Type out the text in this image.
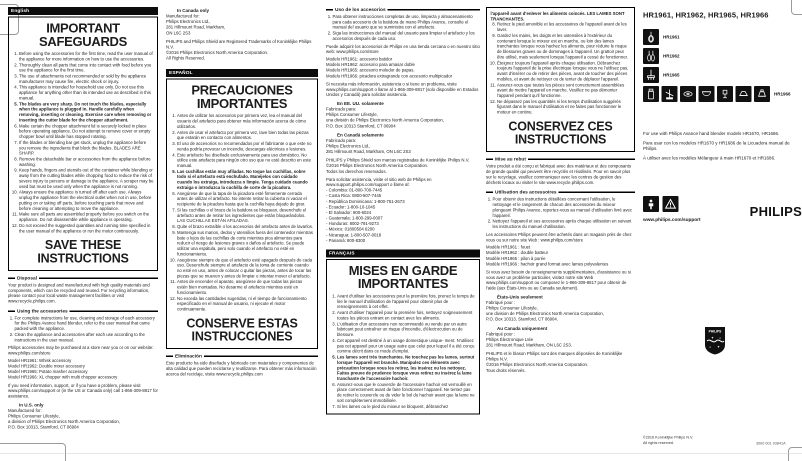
English
IMPORTANT SAFEGUARDS
1. Before using the accessories for the first time, read the user manual of the appliance for more information on how to use the accessories.
2. Thoroughly clean all parts that come into contact with food before you use the appliance for the first time.
3. The use of attachments not recommended or sold by the appliance manufacturer may cause fire, electric shock or injury.
4. This appliance is intended for household use only. Do not use this appliance for anything other than its intended use as described in this manual.
5. The blades are very sharp. Do not touch the blades, especially when the appliance is plugged in. Handle carefully when removing, inserting or cleaning. Exercise care when removing or inserting the cutter blade for the chopper attachment.
6. Make certain the chopper attachment lid is securely locked in place before operating appliance. Do not attempt to remove cover or empty chopper bowl until blade has stopped rotating.
7. If the blades or blending bar get stuck, unplug the appliance before you remove the ingredients that block the blades. BLADES ARE SHARP.
8. Remove the detachable bar or accessories from the appliance before washing.
9. Keep hands, fingers and utensils out of the container while blending or away from the cutting blades while chopping food to reduce the risk of severe injury to persons or damage to the appliance. A scraper may be used but must be used only when the appliance is not running.
10. Always ensure the appliance is turned off after each use. Always unplug the appliance from the electrical outlet when not in use, before putting on or taking off parts, before touching parts that move and before cleaning or attempting to move the appliance.
11. Make sure all parts are assembled properly before you switch on the appliance. Do not disassemble while appliance is operating.
12. Do not exceed the suggested quantities and running time specified in the user manual of the appliance or run the motor continuously.
SAVE THESE INSTRUCTIONS
Disposal
Your product is designed and manufactured with high quality materials and components, which can be recycled and reused. For recycling information, please contact your local waste management facilities or visit www.recycle.philips.com.
Using the accessories
1. For complete instructions for use, cleaning and storage of each accessory for the Philips Avance hand blender, refer to the user manual that came packed with the appliance.
2. Clean the appliance and accessories after each use according to the instructions in the user manual.
Philips accessories may be purchased at a store near you or on our website: www.philips.com/store
Model HR1961: Whisk accessory
Model HR1962: Double mixer accessory
Model HR1965: Potato masher accessory
Model HR1966: XL chopper with multi chopper accessory
If you need information, support, or if you have a problem, please visit www.philips.com/support or (in the US or Canada only) call 1-866-309-8817 for assistance.
In U.S. only
Manufactured for:
Philips Consumer Lifestyle,
a division of Philips Electronics North America Corporation,
P.O. Box 10313, Stamford, CT 06904
In Canada only
Manufactured for:
Philips Electronics Ltd.,
281 Hillmount Road, Markham,
ON L6C 2S3
PHILIPS and Philips Shield are Registered Trademarks of Koninklijke Philips N.V.
©2016 Philips Electronics North America Corporation.
All Rights Reserved.
ESPAÑOL
PRECAUCIONES IMPORTANTES
1. Antes de utilizar los accesorios por primera vez, lea el manual del usuario del artefacto para obtener más información acerca de cómo utilizarlos.
2. Antes de usar el artefacto por primera vez, lave bien todas las piezas que estarán en contacto con alimentos.
3. El uso de accesorios no recomendados por el fabricante o que este no venda podría provocar un incendio, descargas eléctricas o lesiones.
4. Este artefacto fue diseñado exclusivamente para uso doméstico. No utilice este artefacto para ningún otro uso que no esté descrito en este manual.
5. Las cuchillas están muy afiladas. No toque las cuchillas, sobre todo si el artefacto está enchufado. Manéjelos con cuidado cuando los extraiga, introduzca o limpie. Tenga cuidado cuando extraiga o introduzca la cuchilla de corte de la picadora.
6. Asegúrese de que la tapa de la picadora esté firmemente cerrada antes de utilizar el artefacto. No intente retirar la cubierta ni vaciar el recipiente de la picadora hasta que la cuchilla haya dejado de girar.
7. Si las cuchillas o el brazo de la batidora se bloquean, desenchufe el artefacto antes de retirar los ingredientes que están bloqueándolos. LAS CUCHILLAS ESTÁN AFILADAS.
8. Quite el brazo extraíble o los accesorios del artefacto antes de lavarlos.
9. Mantenga sus manos, dedos y utensilios fuera del contenedor mientras bate o lejos de las cuchillas de corte mientras pica alimentos para reducir el riesgo de lesiones graves o daños al artefacto. Se puede utilizar una espátula, pero solo cuando el artefacto no esté en funcionamiento.
10. Asegúrese siempre de que el artefacto esté apagado después de cada uso. Desenchufe siempre el artefacto de la toma de corriente cuando no esté en uso, antes de colocar o quitar las piezas, antes de tocar las piezas que se mueven y antes de limpiar o intentar mover el artefacto.
11. Antes de encender el aparato, asegúrese de que todas las piezas estén bien montadas. No desarme el artefacto mientras esté en funcionamiento.
12. No exceda las cantidades sugeridas, ni el tiempo de funcionamiento especificado en el manual de usuario, ni ejecute el motor continuamente.
CONSERVE ESTAS INSTRUCCIONES
Eliminación
Este producto ha sido diseñado y fabricado con materiales y componentes de alta calidad que pueden reciclarse y reutilizarse. Para obtener más información acerca del reciclaje, visite www.recycle.philips.com
Uso de los accesorios
1. Para obtener instrucciones completas de uso, limpieza y almacenamiento para cada accesorio de la batidora de mano Philips Avance, consulte el manual del usuario que se suministra con el artefacto.
2. Siga las instrucciones del manual del usuario para limpiar el artefacto y los accesorios después de cada uso.
Puede adquirir los accesorios de Philips en una tienda cercana o en nuestro sitio web: www.philips.com/store
Modelo HR1961: accesorio batidor
Modelo HR1962: accesorio para amasar doble
Modelo HR1965: accesorio moledor de papas.
Modelo HR1966: picadora extragrande con accesorio multipicador
Si necesita más información, asistencia o si tiene un problema, visite www.philips.com/support o llame al 1-866-309-8817 (solo disponible en Estados Unidos y Canadá) para solicitar asistencia.
En EE. UU. solamente
Fabricado para:
Philips Consumer Lifestyle,
una división de Philips Electronics North America Corporation,
P.O. Box 10313 Stamford, CT 06904
En Canadá solamente
Fabricado para:
Philips Electronics Ltd.,
281 Hillmount Road, Markham, ON L6C 2S3
PHILIPS y Philips Shield son marcas registradas de Koninklijke Philips N.V.
©2016 Philips Electronics North America Corporation.
Todos los derechos reservados.
Para solicitar asistencia, visite el sitio web de Philips en www.support.philips.com/support o llame al:
- Colombia: 01-800-700-7445
- Costa Rica: 0800-507-7445
- República Dominicana: 1-800-751-2673
- Ecuador: 1-800-10-1045
- El Salvador: 800-6024
- Guatemala: 1-800-299-0007
- Honduras: 8002-791-9273
- México: 01800504 6200
- Nicaragua: 1-800-507-0018
- Panamá: 800-8300
FRANÇAIS
MISES EN GARDE IMPORTANTES
1. Avant d'utiliser les accessoires pour la première fois, prenez le temps de lire le manuel d'utilisation de l'appareil pour obtenir plus de renseignements à cet effet.
2. Avant d'utiliser l'appareil pour la première fois, nettoyez soigneusement toutes les pièces entrant en contact avec les aliments.
3. L'utilisation d'un accessoire non recommandé ou vendu par un autre fabricant peut entraîner un risque d'incendie, d'électrocution ou de blessure.
4. Cet appareil est destiné à un usage domestique unique- ment. N'utilisez pas cet appareil pour un usage autre que celui pour lequel il a été conçu comme décrit dans ce mode d'emploi.
5. Les lames sont très tranchantes. Ne touchez pas les lames, surtout lorsque l'appareil est branché. Manipulez ces éléments avec précaution lorsque vous les retirez, les insérez ou les nettoyez. Faites preuve de prudence lorsque vous retirez ou insérez la lame tranchante de l'accessoire hachoir.
6. Assurez-vous que le couvercle de l'accessoire hachoir est verrouillé en place correctement avant de faire fonctionner l'appareil. Ne tentez pas de retirer le couvercle ou de vider le bol du hachoir avant que la lame ne soit complètement immobilisée.
7. Si les lames ou le pied du mixeur se bloquent, débranchez
l'appareil avant d'enlever les aliments coincés. LES LAMES SONT TRANCHANTES.
8. Retirez le pied amovible et les accessoires de l'appareil avant de les laver.
9. Gardez les mains, les doigts et les ustensiles à l'extérieur du contenant lorsque le mixeur est en marche, ou loin des lames tranchantes lorsque vous hachez les aliments, pour réduire le risque de blessures graves ou de dommages à l'appareil. Un grattoir peut être utilisé, mais seulement lorsque l'appareil a cessé de fonctionner.
10. Éteignez toujours l'appareil après chaque utilisation. Débranchez toujours l'appareil de la prise électrique lorsque vous ne l'utilisez pas, avant d'insérer ou de retirer des pièces, avant de toucher des pièces mobiles, et avant de nettoyer ou de tenter de déplacer l'appareil.
11. Assurez-vous que toutes les pièces sont correctement assemblées avant de mettre l'appareil en marche. Veuillez ne pas démonter l'appareil pendant qu'il fonctionne.
12. Ne dépassez pas les quantités ni les temps d'utilisation suggérés figurant dans le manuel d'utilisation et ne faites pas fonctionner le moteur en continu.
CONSERVEZ CES INSTRUCTIONS
Mise au rebut
Votre produit a été conçu et fabriqué avec des matériaux et des composants de grande qualité qui peuvent être recyclés et réutilisés. Pour en savoir plus sur le recyclage, veuillez communiquer avec les centres de gestion des déchets locaux ou visiter le site www.recycle.philips.com.
Utilisation des accessoires
1. Pour obtenir des instructions détaillées concernant l'utilisation, le nettoyage et le rangement de chacun des accessoires du mixeur plongeant Philips Avance, reportez-vous au manuel d'utilisation livré avec l'appareil.
2. Nettoyez l'appareil et ses accessoires après chaque utilisation en suivant les instructions du manuel d'utilisation.
Les accessoires Philips peuvent être achetés dans un magasin près de chez vous ou sur notre site Web : www.philips.com/store
Modèle HR1961 : fouet
Modèle HR1962 : double batteur
Modèle HR1965 : pilon à purée
Modèle HR1966 : hachoir grand format avec lames polyvalentes
Si vous avez besoin de renseignements supplémentaires, d'assistance ou si vous avez un problème particulier, visitez notre site Web www.philips.com/support ou composez le 1-866-309-8817 pour obtenir de l'aide (aux États-Unis ou au Canada seulement).
États-Unis seulement
Fabriqué pour :
Philips Consumer Lifestyle,
une division de Philips Electronics North America Corporation,
P.O. Box 10313, Stamford, CT 06904.
Au Canada uniquement
Fabriqué pour :
Philips Électronique Ltée
281 Hillmount Road, Markham, ON L6C 2S3.
PHILIPS et le blason Philips sont des marques déposées de Koninklijke Philips N.V.
©2016 Philips Electronics North America Corporation.
Tous droits réservés.
HR1961, HR1962, HR1965, HR1966
HR1961
HR1962
HR1965
HR1966

For use with Philips Avance hand blender models HR1670, HR1686.

Para usar con los modelos HR1670 y HR1686 de la Licuadora manual de Philips.

À utiliser avec les modèles Mélangeur à main HR1670 et HR1686.

www.philips.com/support
PHILIPS
PHILIPS
✦
✦
✦
✦
©2016 Koninklijke Philips N.V.
All rights reserved.	3000 001 93841A
